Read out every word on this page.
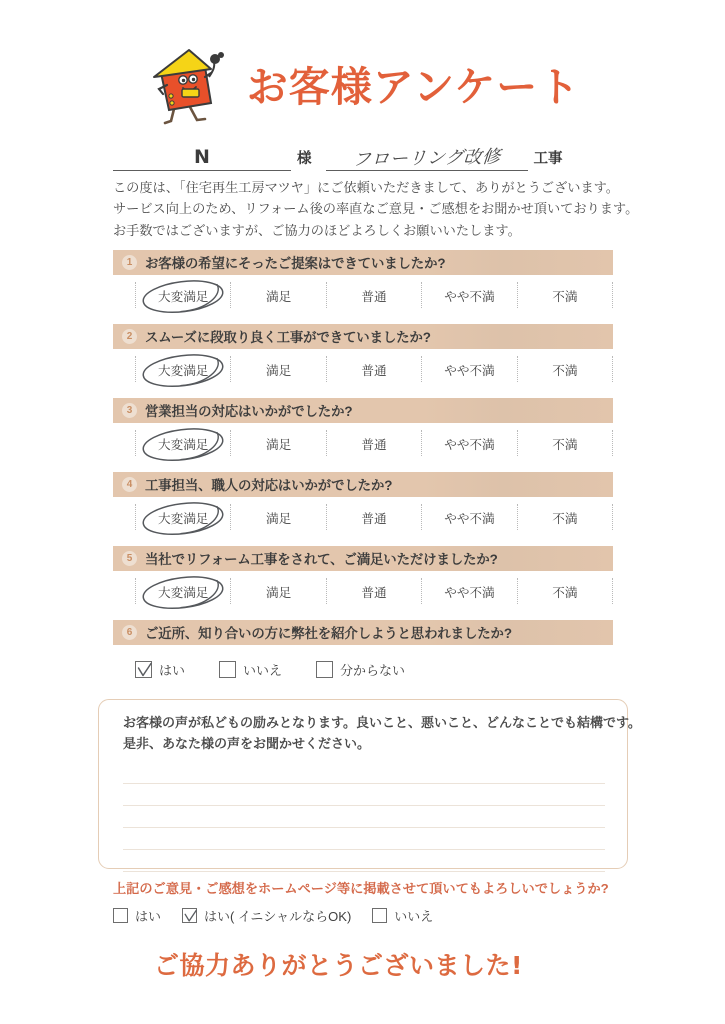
お客様アンケート
N	様	フローリング改修	工事
この度は、「住宅再生工房マツヤ」にご依頼いただきまして、ありがとうございます。
サービス向上のため、リフォーム後の率直なご意見・ご感想をお聞かせ頂いております。
お手数ではございますが、ご協力のほどよろしくお願いいたします。
1 お客様の希望にそったご提案はできていましたか?
大変満足	満足	普通	やや不満	不満
2 スムーズに段取り良く工事ができていましたか?
大変満足	満足	普通	やや不満	不満
3 営業担当の対応はいかがでしたか?
大変満足	満足	普通	やや不満	不満
4 工事担当、職人の対応はいかがでしたか?
大変満足	満足	普通	やや不満	不満
5 当社でリフォーム工事をされて、ご満足いただけましたか?
大変満足	満足	普通	やや不満	不満
6 ご近所、知り合いの方に弊社を紹介しようと思われましたか?
はい	いいえ	分からない
お客様の声が私どもの励みとなります。良いこと、悪いこと、どんなことでも結構です。
是非、あなた様の声をお聞かせください。
上記のご意見・ご感想をホームページ等に掲載させて頂いてもよろしいでしょうか?
はい	はい( イニシャルならOK)	いいえ
ご協力ありがとうございました!
